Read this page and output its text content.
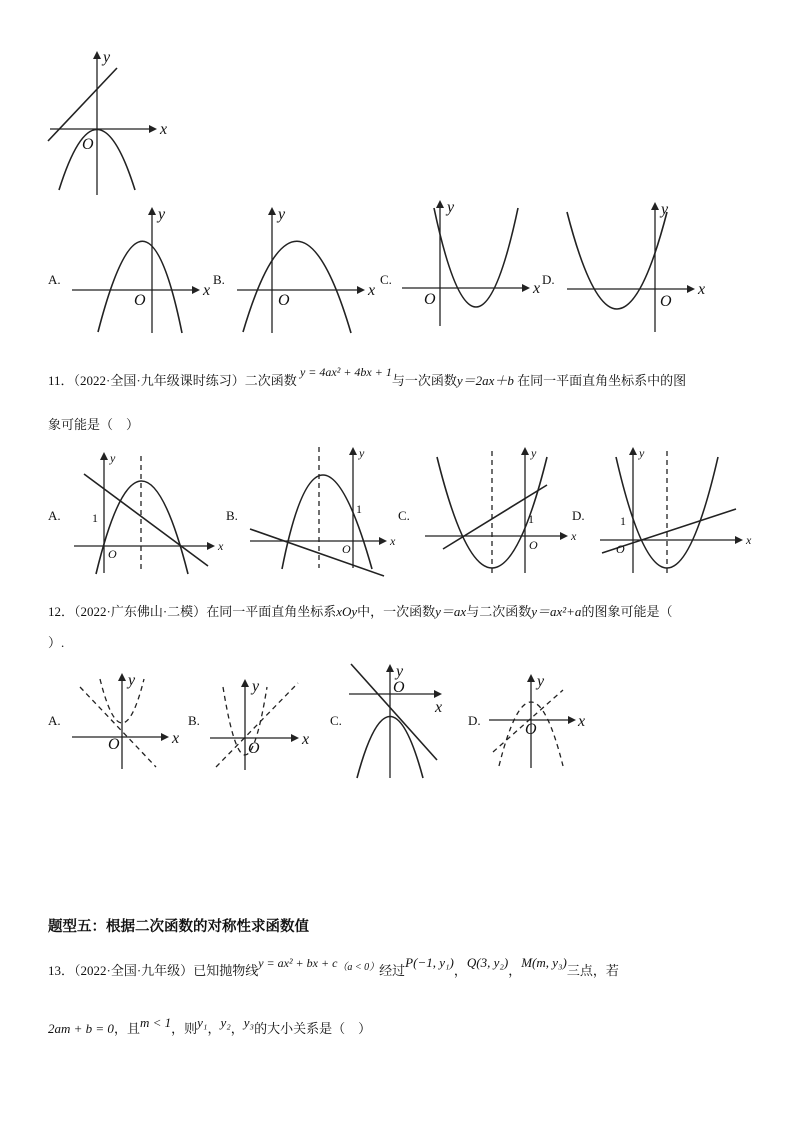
x
y
O
A.
x
y
O
B.
x
y
O
C.
x
y
O
D.
x
y
O
11．（2022·全国·九年级课时练习）二次函数 y = 4ax² + 4bx + 1与一次函数y＝2ax＋b 在同一平面直角坐标系中的图
象可能是（　）
A.
x
y
O
1	B.
x
y
O
1	C.
x
y
O
1	D.
x
y
O
1
12．（2022·广东佛山·二模）在同一平面直角坐标系xOy中，一次函数y＝ax与二次函数y＝ax²+a的图象可能是（
）.
A.
x
y
O
B.
x
y
O
C.
x
y
O
D.	x
y
O
题型五：根据二次函数的对称性求函数值
13．（2022·全国·九年级）已知抛物线y = ax² + bx + $c^{(a < 0)}$经过P(−1, y₁)，Q(3, y₂)，M(m, y₃)三点，若
2am + b = 0，且m < 1，则y₁，y₂，y₃的大小关系是（　）
